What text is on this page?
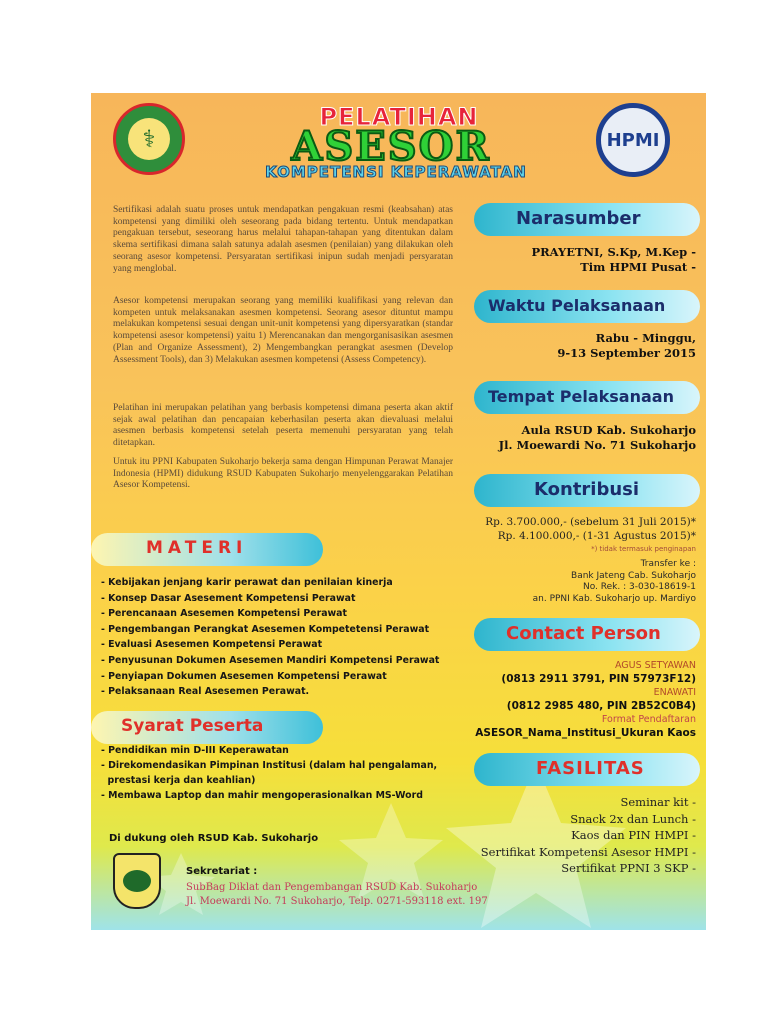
⚕	HPMI
PELATIHAN
ASESOR
KOMPETENSI KEPERAWATAN
Sertifikasi adalah suatu proses untuk mendapatkan pengakuan resmi (keabsahan) atas kompetensi yang dimiliki oleh seseorang pada bidang tertentu. Untuk mendapatkan pengakuan tersebut, seseorang harus melalui tahapan-tahapan yang ditentukan dalam skema sertifikasi dimana salah satunya adalah asesmen (penilaian) yang dilakukan oleh seorang asesor kompetensi. Persyaratan sertifikasi inipun sudah menjadi persyaratan yang menglobal.
Asesor kompetensi merupakan seorang yang memiliki kualifikasi yang relevan dan kompeten untuk melaksanakan asesmen kompetensi. Seorang asesor dituntut mampu melakukan kompetensi sesuai dengan unit-unit kompetensi yang dipersyaratkan (standar kompetensi asesor kompetensi) yaitu 1) Merencanakan dan mengorganisasikan asesmen (Plan and Organize Assessment), 2) Mengembangkan perangkat asesmen (Develop Assessment Tools), dan 3) Melakukan asesmen kompetensi (Assess Competency).
Pelatihan ini merupakan pelatihan yang berbasis kompetensi dimana peserta akan aktif sejak awal pelatihan dan pencapaian keberhasilan peserta akan dievaluasi melalui asesmen berbasis kompetensi setelah peserta memenuhi persyaratan yang telah ditetapkan.
Untuk itu PPNI Kabupaten Sukoharjo bekerja sama dengan Himpunan Perawat Manajer Indonesia (HPMI) didukung RSUD Kabupaten Sukoharjo menyelenggarakan Pelatihan Asesor Kompetensi.
Narasumber
PRAYETNI, S.Kp, M.Kep -
Tim HPMI Pusat -
Waktu Pelaksanaan
Rabu - Minggu,
9-13 September 2015
Tempat Pelaksanaan
Aula RSUD Kab. Sukoharjo
Jl. Moewardi No. 71 Sukoharjo
Kontribusi
Rp. 3.700.000,- (sebelum 31 Juli 2015)*
Rp. 4.100.000,- (1-31 Agustus 2015)*
*) tidak termasuk penginapan
Transfer ke :
Bank Jateng Cab. Sukoharjo
No. Rek. : 3-030-18619-1
an. PPNI Kab. Sukoharjo up. Mardiyo
Contact Person
AGUS SETYAWAN
(0813 2911 3791, PIN 57973F12)
ENAWATI
(0812 2985 480, PIN 2B52C0B4)
Format Pendaftaran
ASESOR_Nama_Institusi_Ukuran Kaos
FASILITAS
Seminar kit -
Snack 2x dan Lunch -
Kaos dan PIN HMPI -
Sertifikat Kompetensi Asesor HMPI -
Sertifikat PPNI 3 SKP -
MATERI
- Kebijakan jenjang karir perawat dan penilaian kinerja
- Konsep Dasar Asesement Kompetensi Perawat
- Perencanaan Asesemen Kompetensi Perawat
- Pengembangan Perangkat Asesemen Kompetetensi Perawat
- Evaluasi Asesemen Kompetensi Perawat
- Penyusunan Dokumen Asesemen Mandiri Kompetensi Perawat
- Penyiapan Dokumen Asesemen Kompetensi Perawat
- Pelaksanaan Real Asesemen Perawat.
Syarat Peserta
- Pendidikan min D-III Keperawatan
- Direkomendasikan Pimpinan Institusi (dalam hal pengalaman,
prestasi kerja dan keahlian)
- Membawa Laptop dan mahir mengoperasionalkan MS-Word
Di dukung oleh RSUD Kab. Sukoharjo
Sekretariat :
SubBag Diklat dan Pengembangan RSUD Kab. Sukoharjo
Jl. Moewardi No. 71 Sukoharjo, Telp. 0271-593118 ext. 197
